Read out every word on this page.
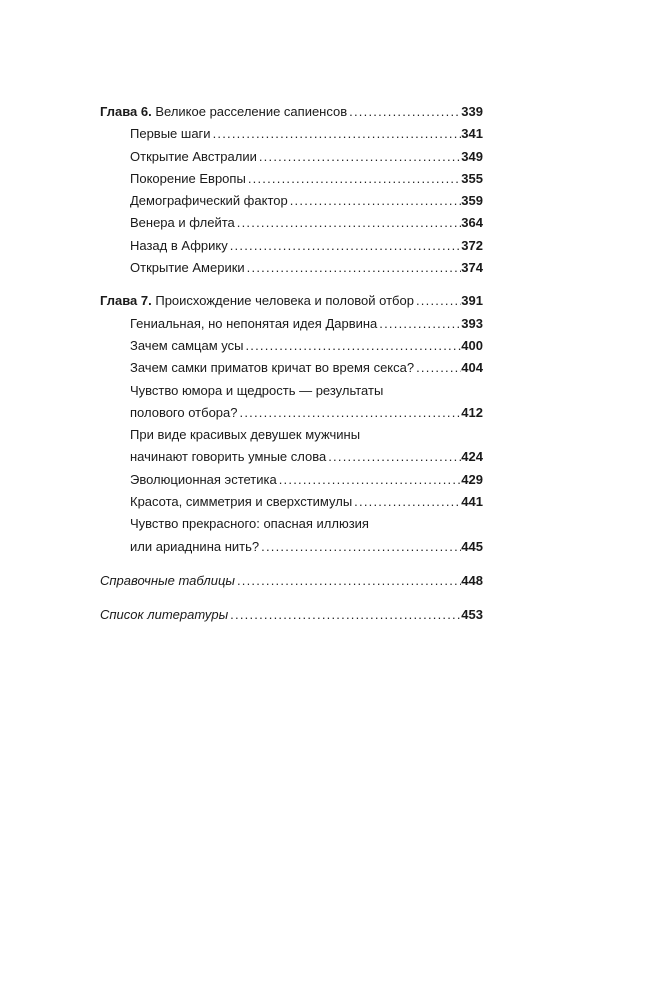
Глава 6. Великое расселение сапиенсов . . .	339
Первые шаги . . .	341
Открытие Австралии . . .	349
Покорение Европы . . .	355
Демографический фактор . . .	359
Венера и флейта . . .	364
Назад в Африку . . .	372
Открытие Америки . . .	374
Глава 7. Происхождение человека и половой отбор . . .	391
Гениальная, но непонятая идея Дарвина . . .	393
Зачем самцам усы . . .	400
Зачем самки приматов кричат во время секса? . . .	404
Чувство юмора и щедрость — результаты
полового отбора? . . .	412
При виде красивых девушек мужчины
начинают говорить умные слова . . .	424
Эволюционная эстетика . . .	429
Красота, симметрия и сверхстимулы . . .	441
Чувство прекрасного: опасная иллюзия
или ариаднина нить? . . .	445
Справочные таблицы . . .	448
Список литературы . . .	453
